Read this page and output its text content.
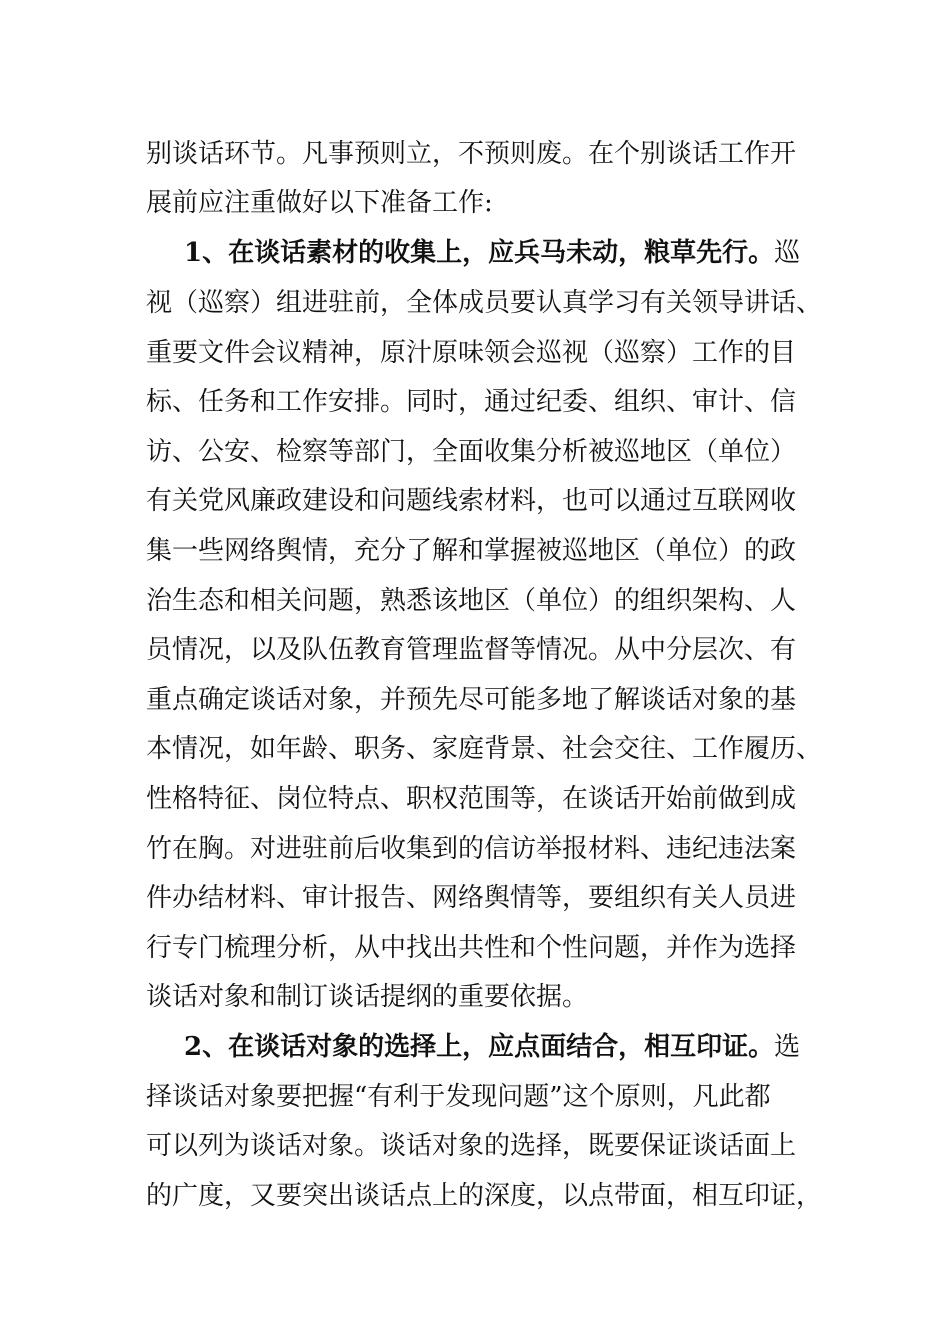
别谈话环节。凡事预则立，不预则废。在个别谈话工作开
展前应注重做好以下准备工作:
1、在谈话素材的收集上，应兵马未动，粮草先行。巡
视（巡察）组进驻前，全体成员要认真学习有关领导讲话、
重要文件会议精神，原汁原味领会巡视（巡察）工作的目
标、任务和工作安排。同时，通过纪委、组织、审计、信
访、公安、检察等部门，全面收集分析被巡地区（单位）
有关党风廉政建设和问题线索材料，也可以通过互联网收
集一些网络舆情，充分了解和掌握被巡地区（单位）的政
治生态和相关问题，熟悉该地区（单位）的组织架构、人
员情况，以及队伍教育管理监督等情况。从中分层次、有
重点确定谈话对象，并预先尽可能多地了解谈话对象的基
本情况，如年龄、职务、家庭背景、社会交往、工作履历、
性格特征、岗位特点、职权范围等，在谈话开始前做到成
竹在胸。对进驻前后收集到的信访举报材料、违纪违法案
件办结材料、审计报告、网络舆情等，要组织有关人员进
行专门梳理分析，从中找出共性和个性问题，并作为选择
谈话对象和制订谈话提纲的重要依据。
2、在谈话对象的选择上，应点面结合，相互印证。选
择谈话对象要把握“有利于发现问题”这个原则，凡此都
可以列为谈话对象。谈话对象的选择，既要保证谈话面上
的广度，又要突出谈话点上的深度，以点带面，相互印证，
